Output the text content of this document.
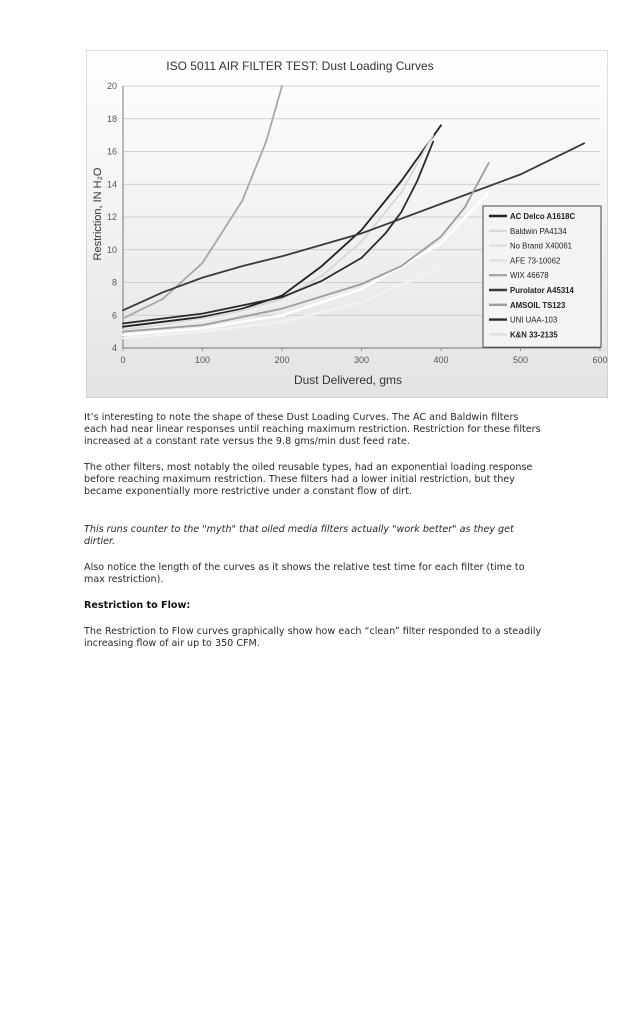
4
6
8
10
12
14
16
18
20
0	100	200	300	400	500	600
AC Delco A1618C
Baldwin PA4134
No Brand X40061
AFE 73-10062
WIX 46678
Purolator A45314
AMSOIL TS123
UNI UAA-103
K&N 33-2135
ISO 5011 AIR FILTER TEST: Dust Loading Curves
Dust Delivered, gms
Restriction, IN H₂O

It’s interesting to note the shape of these Dust Loading Curves. The AC and Baldwin filters each had near linear responses until reaching maximum restriction. Restriction for these filters increased at a constant rate versus the 9.8 gms/min dust feed rate.

The other filters, most notably the oiled reusable types, had an exponential loading response before reaching maximum restriction. These filters had a lower initial restriction, but they became exponentially more restrictive under a constant flow of dirt.

This runs counter to the "myth" that oiled media filters actually "work better" as they get dirtier.

Also notice the length of the curves as it shows the relative test time for each filter (time to max restriction).

Restriction to Flow:

The Restriction to Flow curves graphically show how each “clean” filter responded to a steadily increasing flow of air up to 350 CFM.
